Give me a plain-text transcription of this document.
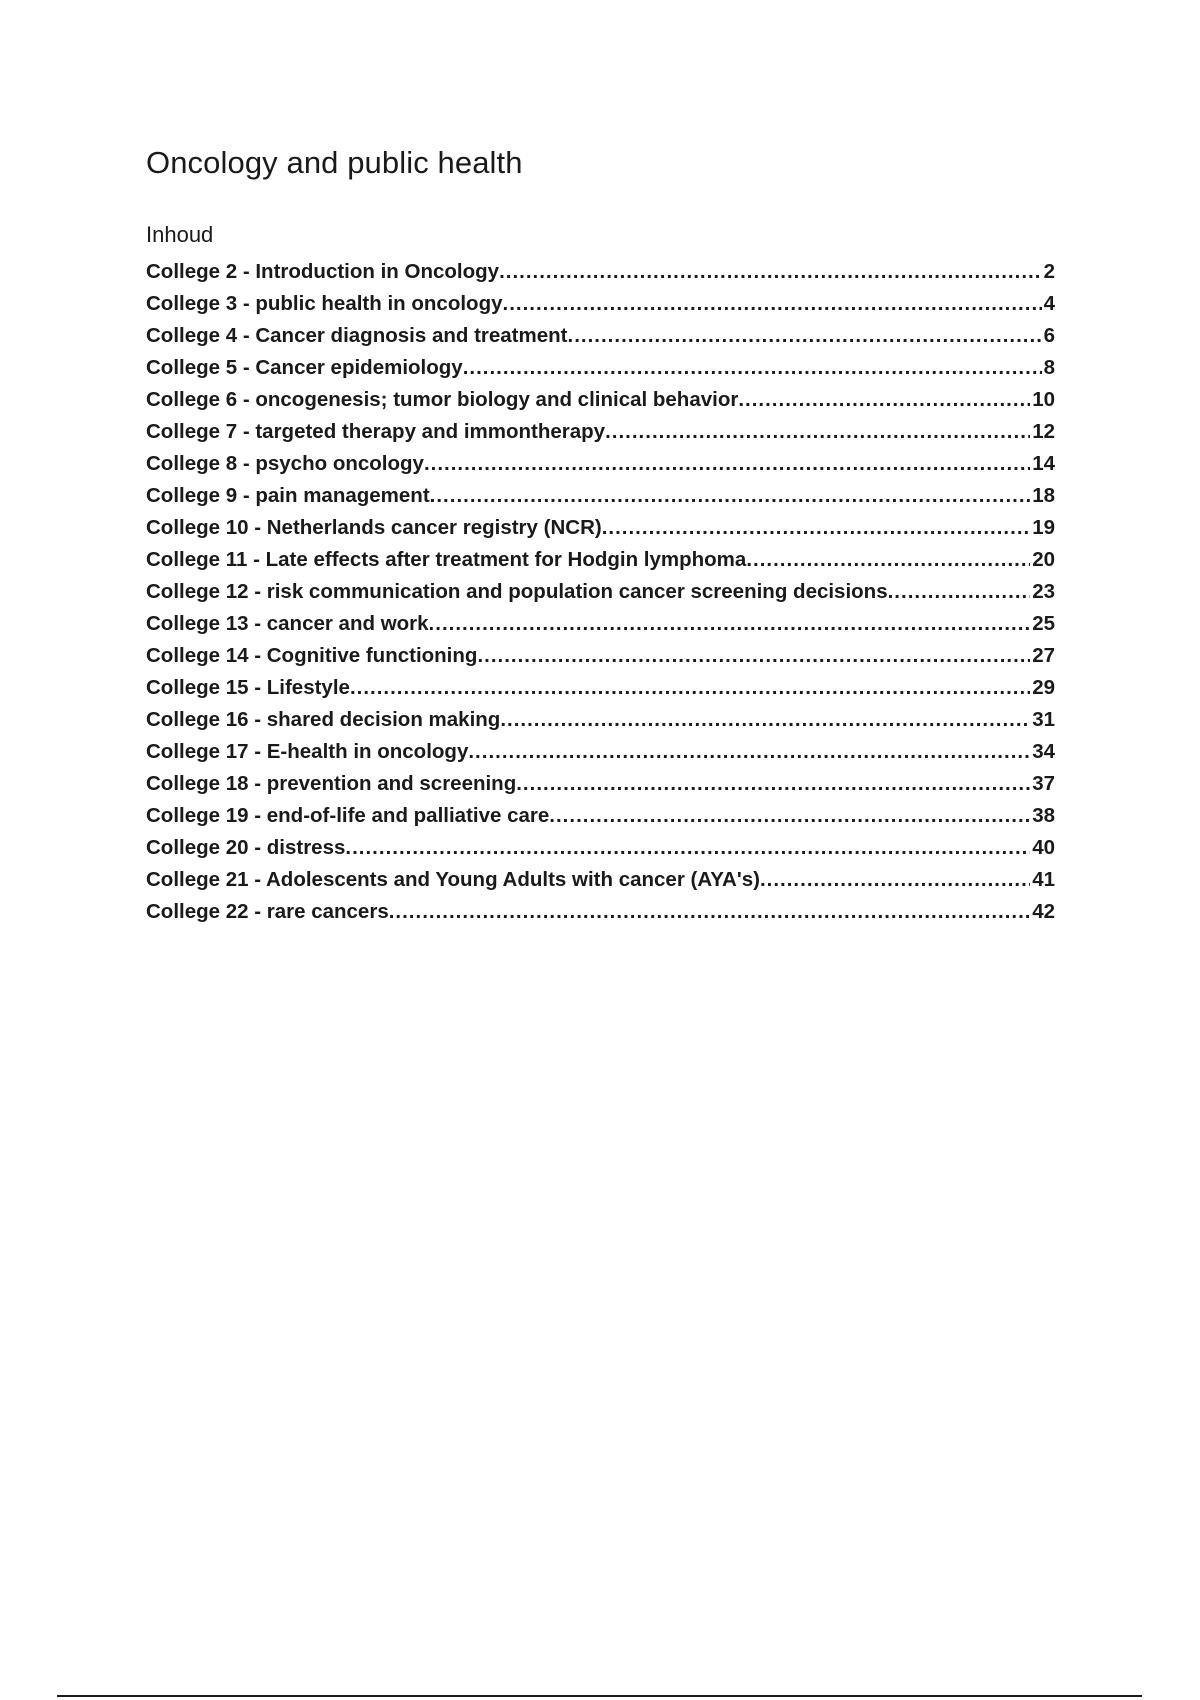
Oncology and public health
Inhoud
College 2 - Introduction in Oncology .....	2
College 3 - public health in oncology .....	4
College 4 - Cancer diagnosis and treatment .....	6
College 5 - Cancer epidemiology .....	8
College 6 - oncogenesis; tumor biology and clinical behavior .....	10
College 7 - targeted therapy and immontherapy .....	12
College 8 - psycho oncology .....	14
College 9 - pain management .....	18
College 10 - Netherlands cancer registry (NCR) .....	19
College 11 - Late effects after treatment for Hodgin lymphoma .....	20
College 12 - risk communication and population cancer screening decisions .....	23
College 13 - cancer and work .....	25
College 14 - Cognitive functioning .....	27
College 15 - Lifestyle .....	29
College 16 - shared decision making .....	31
College 17 - E-health in oncology .....	34
College 18 - prevention and screening .....	37
College 19 - end-of-life and palliative care .....	38
College 20 - distress .....	40
College 21 - Adolescents and Young Adults with cancer (AYA's) .....	41
College 22 - rare cancers .....	42
